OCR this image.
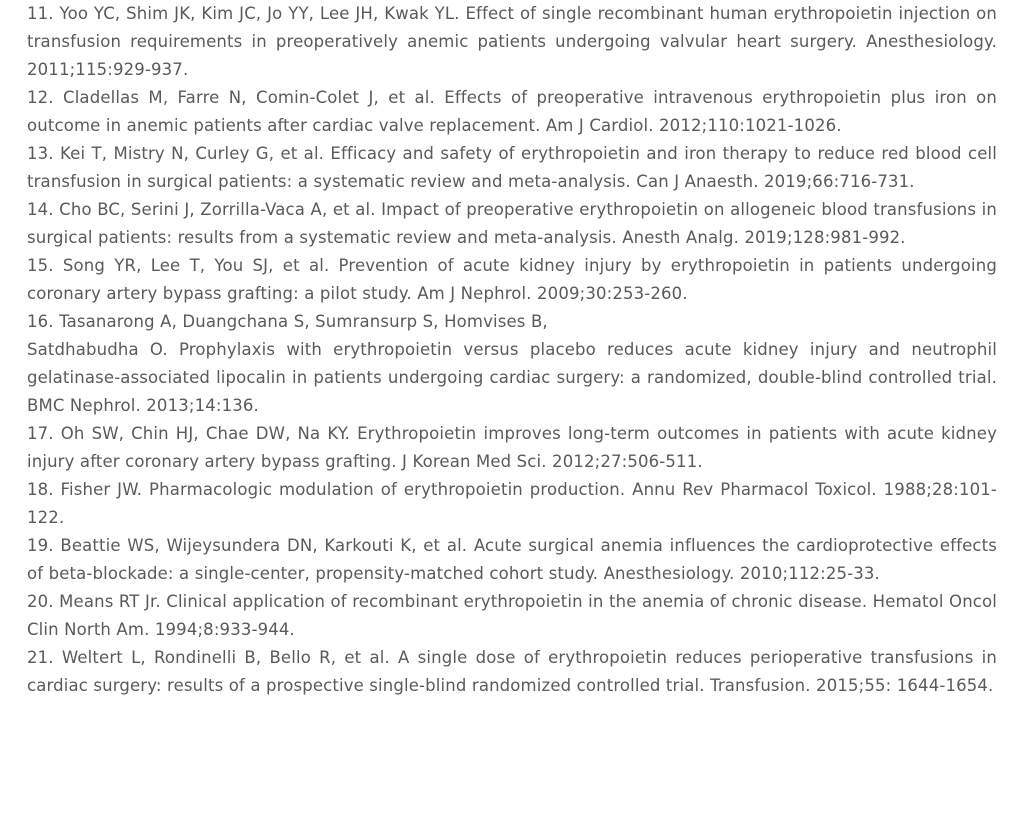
11. Yoo YC, Shim JK, Kim JC, Jo YY, Lee JH, Kwak YL. Effect of single recombinant human erythropoietin injection on transfusion requirements in preoperatively anemic patients undergoing valvular heart surgery. Anesthesiology. 2011;115:929-937.

12. Cladellas M, Farre N, Comin-Colet J, et al. Effects of preoperative intravenous erythropoietin plus iron on outcome in anemic patients after cardiac valve replacement. Am J Cardiol. 2012;110:1021-1026.

13. Kei T, Mistry N, Curley G, et al. Efficacy and safety of erythropoietin and iron therapy to reduce red blood cell transfusion in surgical patients: a systematic review and meta-analysis. Can J Anaesth. 2019;66:716-731.

14. Cho BC, Serini J, Zorrilla-Vaca A, et al. Impact of preoperative erythropoietin on allogeneic blood transfusions in surgical patients: results from a systematic review and meta-analysis. Anesth Analg. 2019;128:981-992.

15. Song YR, Lee T, You SJ, et al. Prevention of acute kidney injury by erythropoietin in patients undergoing coronary artery bypass grafting: a pilot study. Am J Nephrol. 2009;30:253-260.

16. Tasanarong A, Duangchana S, Sumransurp S, Homvises B,

Satdhabudha O. Prophylaxis with erythropoietin versus placebo reduces acute kidney injury and neutrophil gelatinase-associated lipocalin in patients undergoing cardiac surgery: a randomized, double-blind controlled trial. BMC Nephrol. 2013;14:136.

17. Oh SW, Chin HJ, Chae DW, Na KY. Erythropoietin improves long-term outcomes in patients with acute kidney injury after coronary artery bypass grafting. J Korean Med Sci. 2012;27:506-511.

18. Fisher JW. Pharmacologic modulation of erythropoietin production. Annu Rev Pharmacol Toxicol. 1988;28:101-122.

19. Beattie WS, Wijeysundera DN, Karkouti K, et al. Acute surgical anemia influences the cardioprotective effects of beta-blockade: a single-center, propensity-matched cohort study. Anesthesiology. 2010;112:25-33.

20. Means RT Jr. Clinical application of recombinant erythropoietin in the anemia of chronic disease. Hematol Oncol Clin North Am. 1994;8:933-944.

21. Weltert L, Rondinelli B, Bello R, et al. A single dose of erythropoietin reduces perioperative transfusions in cardiac surgery: results of a prospective single-blind randomized controlled trial. Transfusion. 2015;55: 1644-1654.
